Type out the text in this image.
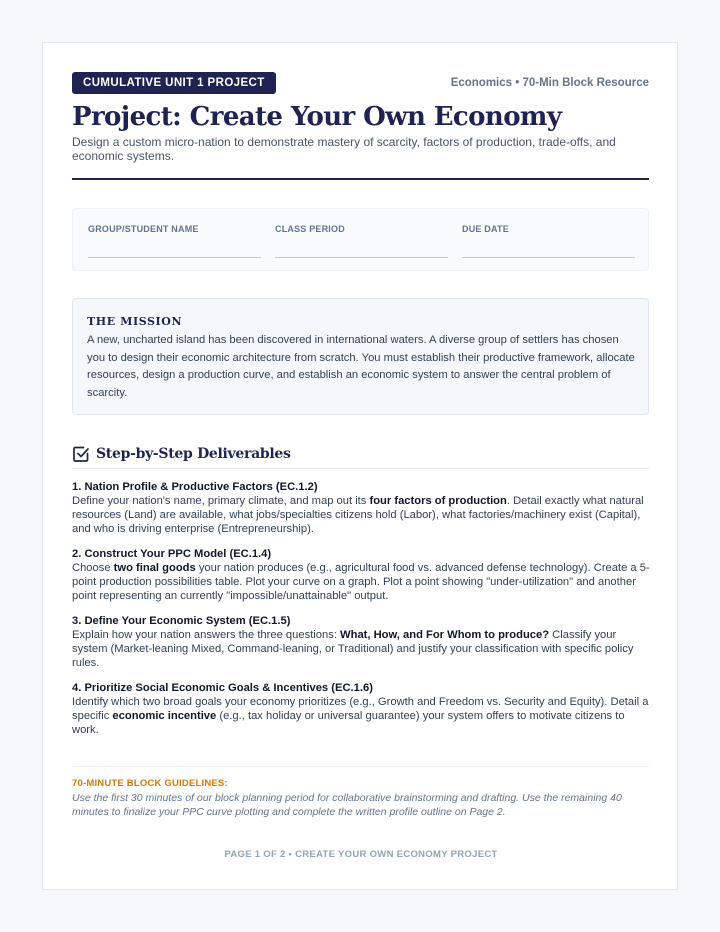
CUMULATIVE UNIT 1 PROJECT	Economics • 70-Min Block Resource
Project: Create Your Own Economy

Design a custom micro-nation to demonstrate mastery of scarcity, factors of production, trade-offs, and economic systems.

GROUP/STUDENT NAME	CLASS PERIOD	DUE DATE
THE MISSION

A new, uncharted island has been discovered in international waters. A diverse group of settlers has chosen you to design their economic architecture from scratch. You must establish their productive framework, allocate resources, design a production curve, and establish an economic system to answer the central problem of scarcity.

Step-by-Step Deliverables
1. Nation Profile & Productive Factors (EC.1.2)

Define your nation's name, primary climate, and map out its four factors of production. Detail exactly what natural resources (Land) are available, what jobs/specialties citizens hold (Labor), what factories/machinery exist (Capital), and who is driving enterprise (Entrepreneurship).

2. Construct Your PPC Model (EC.1.4)

Choose two final goods your nation produces (e.g., agricultural food vs. advanced defense technology). Create a 5-point production possibilities table. Plot your curve on a graph. Plot a point showing "under-utilization" and another point representing an currently "impossible/unattainable" output.

3. Define Your Economic System (EC.1.5)

Explain how your nation answers the three questions: What, How, and For Whom to produce? Classify your system (Market-leaning Mixed, Command-leaning, or Traditional) and justify your classification with specific policy rules.

4. Prioritize Social Economic Goals & Incentives (EC.1.6)

Identify which two broad goals your economy prioritizes (e.g., Growth and Freedom vs. Security and Equity). Detail a specific economic incentive (e.g., tax holiday or universal guarantee) your system offers to motivate citizens to work.

70-MINUTE BLOCK GUIDELINES:

Use the first 30 minutes of our block planning period for collaborative brainstorming and drafting. Use the remaining 40 minutes to finalize your PPC curve plotting and complete the written profile outline on Page 2.

PAGE 1 OF 2 • CREATE YOUR OWN ECONOMY PROJECT
